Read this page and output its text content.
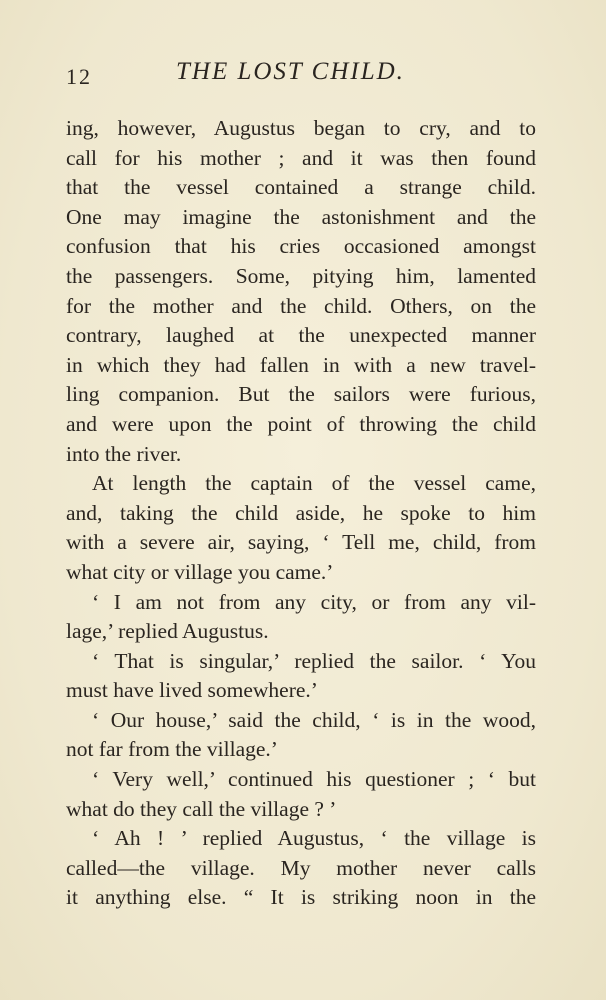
12	THE LOST CHILD.
ing, however, Augustus began to cry, and to
call for his mother ; and it was then found
that the vessel contained a strange child.
One may imagine the astonishment and the
confusion that his cries occasioned amongst
the passengers. Some, pitying him, lamented
for the mother and the child. Others, on the
contrary, laughed at the unexpected manner
in which they had fallen in with a new travel-
ling companion. But the sailors were furious,
and were upon the point of throwing the child
into the river.
At length the captain of the vessel came,
and, taking the child aside, he spoke to him
with a severe air, saying, ‘ Tell me, child, from
what city or village you came.’
‘ I am not from any city, or from any vil-
lage,’ replied Augustus.
‘ That is singular,’ replied the sailor. ‘ You
must have lived somewhere.’
‘ Our house,’ said the child, ‘ is in the wood,
not far from the village.’
‘ Very well,’ continued his questioner ; ‘ but
what do they call the village ? ’
‘ Ah ! ’ replied Augustus, ‘ the village is
called—the village. My mother never calls
it anything else. “ It is striking noon in the
